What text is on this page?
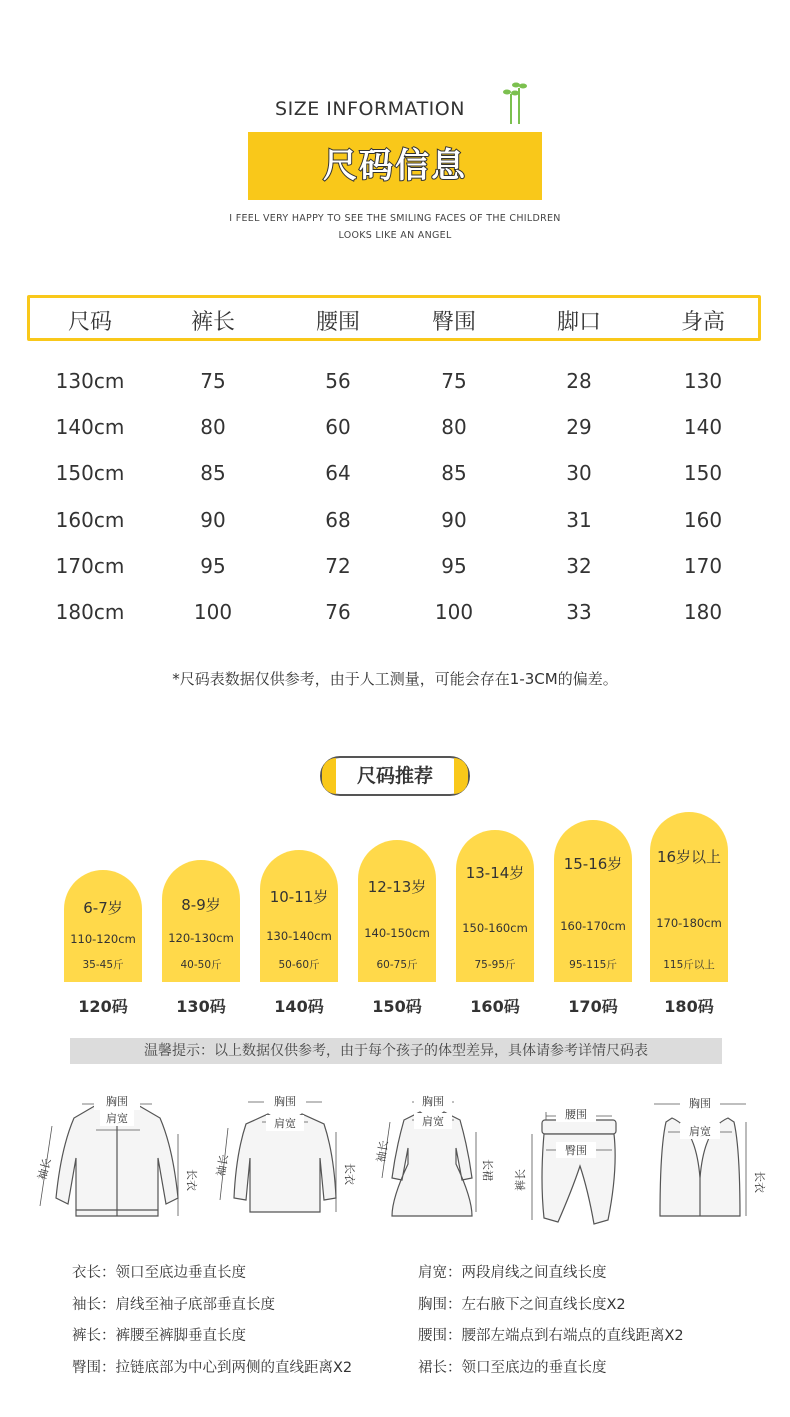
SIZE INFORMATION
尺码信息
I FEEL VERY HAPPY TO SEE THE SMILING FACES OF THE CHILDREN
LOOKS LIKE AN ANGEL
尺码	裤长	腰围	臀围	脚口	身高
130cm	75	56	75	28	130
140cm	80	60	80	29	140
150cm	85	64	85	30	150
160cm	90	68	90	31	160
170cm	95	72	95	32	170
180cm	100	76	100	33	180
*尺码表数据仅供参考，由于人工测量，可能会存在1-3CM的偏差。
尺码推荐
6-7岁
110-120cm
35-45斤
120码
8-9岁
120-130cm
40-50斤
130码
10-11岁
130-140cm
50-60斤
140码
12-13岁
140-150cm
60-75斤
150码
13-14岁
150-160cm
75-95斤
160码
15-16岁
160-170cm
95-115斤
170码
16岁以上
170-180cm
115斤以上
180码
温馨提示：以上数据仅供参考，由于每个孩子的体型差异，具体请参考详情尺码表
胸围
肩宽
长衣
袖长
胸围
肩宽
长衣
袖长
胸围
肩宽
长裙
袖长
腰围
臀围
裤长
胸围
肩宽
长衣
衣长：领口至底边垂直长度	肩宽：两段肩线之间直线长度
袖长：肩线至袖子底部垂直长度	胸围：左右腋下之间直线长度X2
裤长：裤腰至裤脚垂直长度	腰围：腰部左端点到右端点的直线距离X2
臀围：拉链底部为中心到两侧的直线距离X2	裙长：领口至底边的垂直长度
